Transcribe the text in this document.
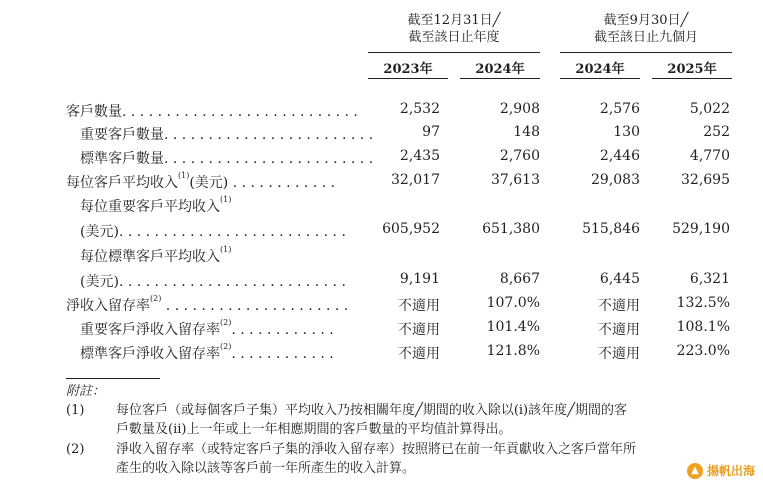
截至12月31日╱
截至該日止年度
截至9月30日╱
截至該日止九個月
2023年	2024年	2024年	2025年
客戶數量. . . . . . . . . . . . . . . . . . . . . . . . . . .	2,532	2,908	2,576	5,022
重要客戶數量. . . . . . . . . . . . . . . . . . . . . . . .	97	148	130	252
標準客戶數量. . . . . . . . . . . . . . . . . . . . . . . .	2,435	2,760	2,446	4,770
每位客戶平均收入$^{(1)}$(美元) . . . . . . . . . . . .	32,017	37,613	29,083	32,695
每位重要客戶平均收入$^{(1)}$
(美元). . . . . . . . . . . . . . . . . . . . . . . . . .	605,952	651,380	515,846	529,190
每位標準客戶平均收入$^{(1)}$
(美元). . . . . . . . . . . . . . . . . . . . . . . . . .	9,191	8,667	6,445	6,321
淨收入留存率$^{(2)}$ . . . . . . . . . . . . . . . . . . . . .	不適用	107.0%	不適用	132.5%
重要客戶淨收入留存率$^{(2)}$. . . . . . . . . . . .	不適用	101.4%	不適用	108.1%
標準客戶淨收入留存率$^{(2)}$. . . . . . . . . . . .	不適用	121.8%	不適用	223.0%
附註：
(1) 每位客戶（或每個客戶子集）平均收入乃按相關年度╱期間的收入除以(i)該年度╱期間的客
戶數量及(ii)上一年或上一年相應期間的客戶數量的平均值計算得出。
(2) 淨收入留存率（或特定客戶子集的淨收入留存率）按照將已在前一年貢獻收入之客戶當年所
產生的收入除以該等客戶前一年所產生的收入計算。	▲ 揚帆出海
